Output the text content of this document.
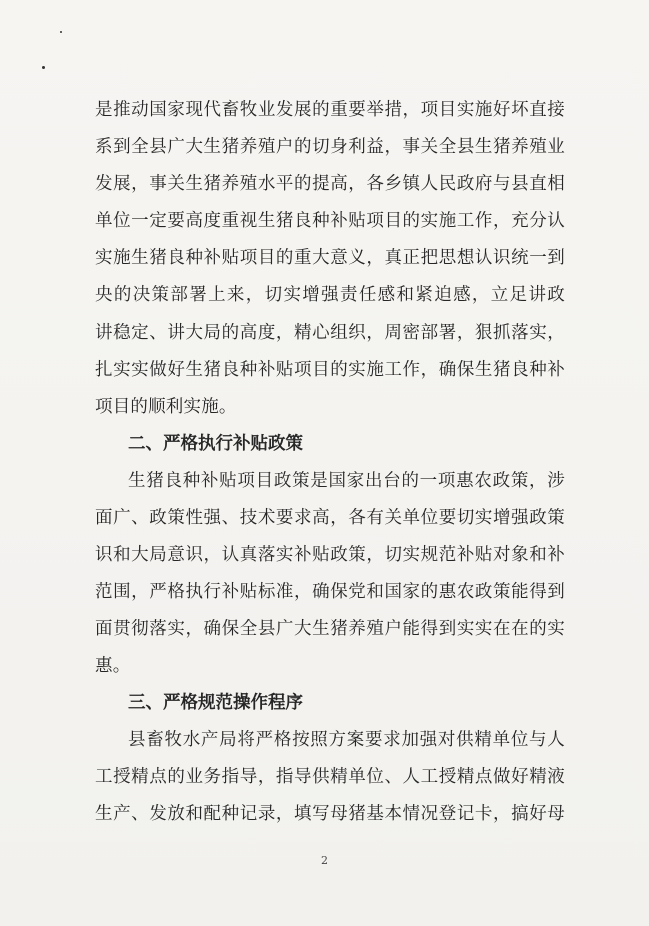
是推动国家现代畜牧业发展的重要举措，项目实施好坏直接
系到全县广大生猪养殖户的切身利益，事关全县生猪养殖业
发展，事关生猪养殖水平的提高，各乡镇人民政府与县直相
单位一定要高度重视生猪良种补贴项目的实施工作，充分认
实施生猪良种补贴项目的重大意义，真正把思想认识统一到
央的决策部署上来，切实增强责任感和紧迫感，立足讲政
讲稳定、讲大局的高度，精心组织，周密部署，狠抓落实，
扎实实做好生猪良种补贴项目的实施工作，确保生猪良种补
项目的顺利实施。
二、严格执行补贴政策
生猪良种补贴项目政策是国家出台的一项惠农政策，涉
面广、政策性强、技术要求高，各有关单位要切实增强政策
识和大局意识，认真落实补贴政策，切实规范补贴对象和补
范围，严格执行补贴标准，确保党和国家的惠农政策能得到
面贯彻落实，确保全县广大生猪养殖户能得到实实在在的实
惠。
三、严格规范操作程序
县畜牧水产局将严格按照方案要求加强对供精单位与人
工授精点的业务指导，指导供精单位、人工授精点做好精液
生产、发放和配种记录，填写母猪基本情况登记卡，搞好母
2
